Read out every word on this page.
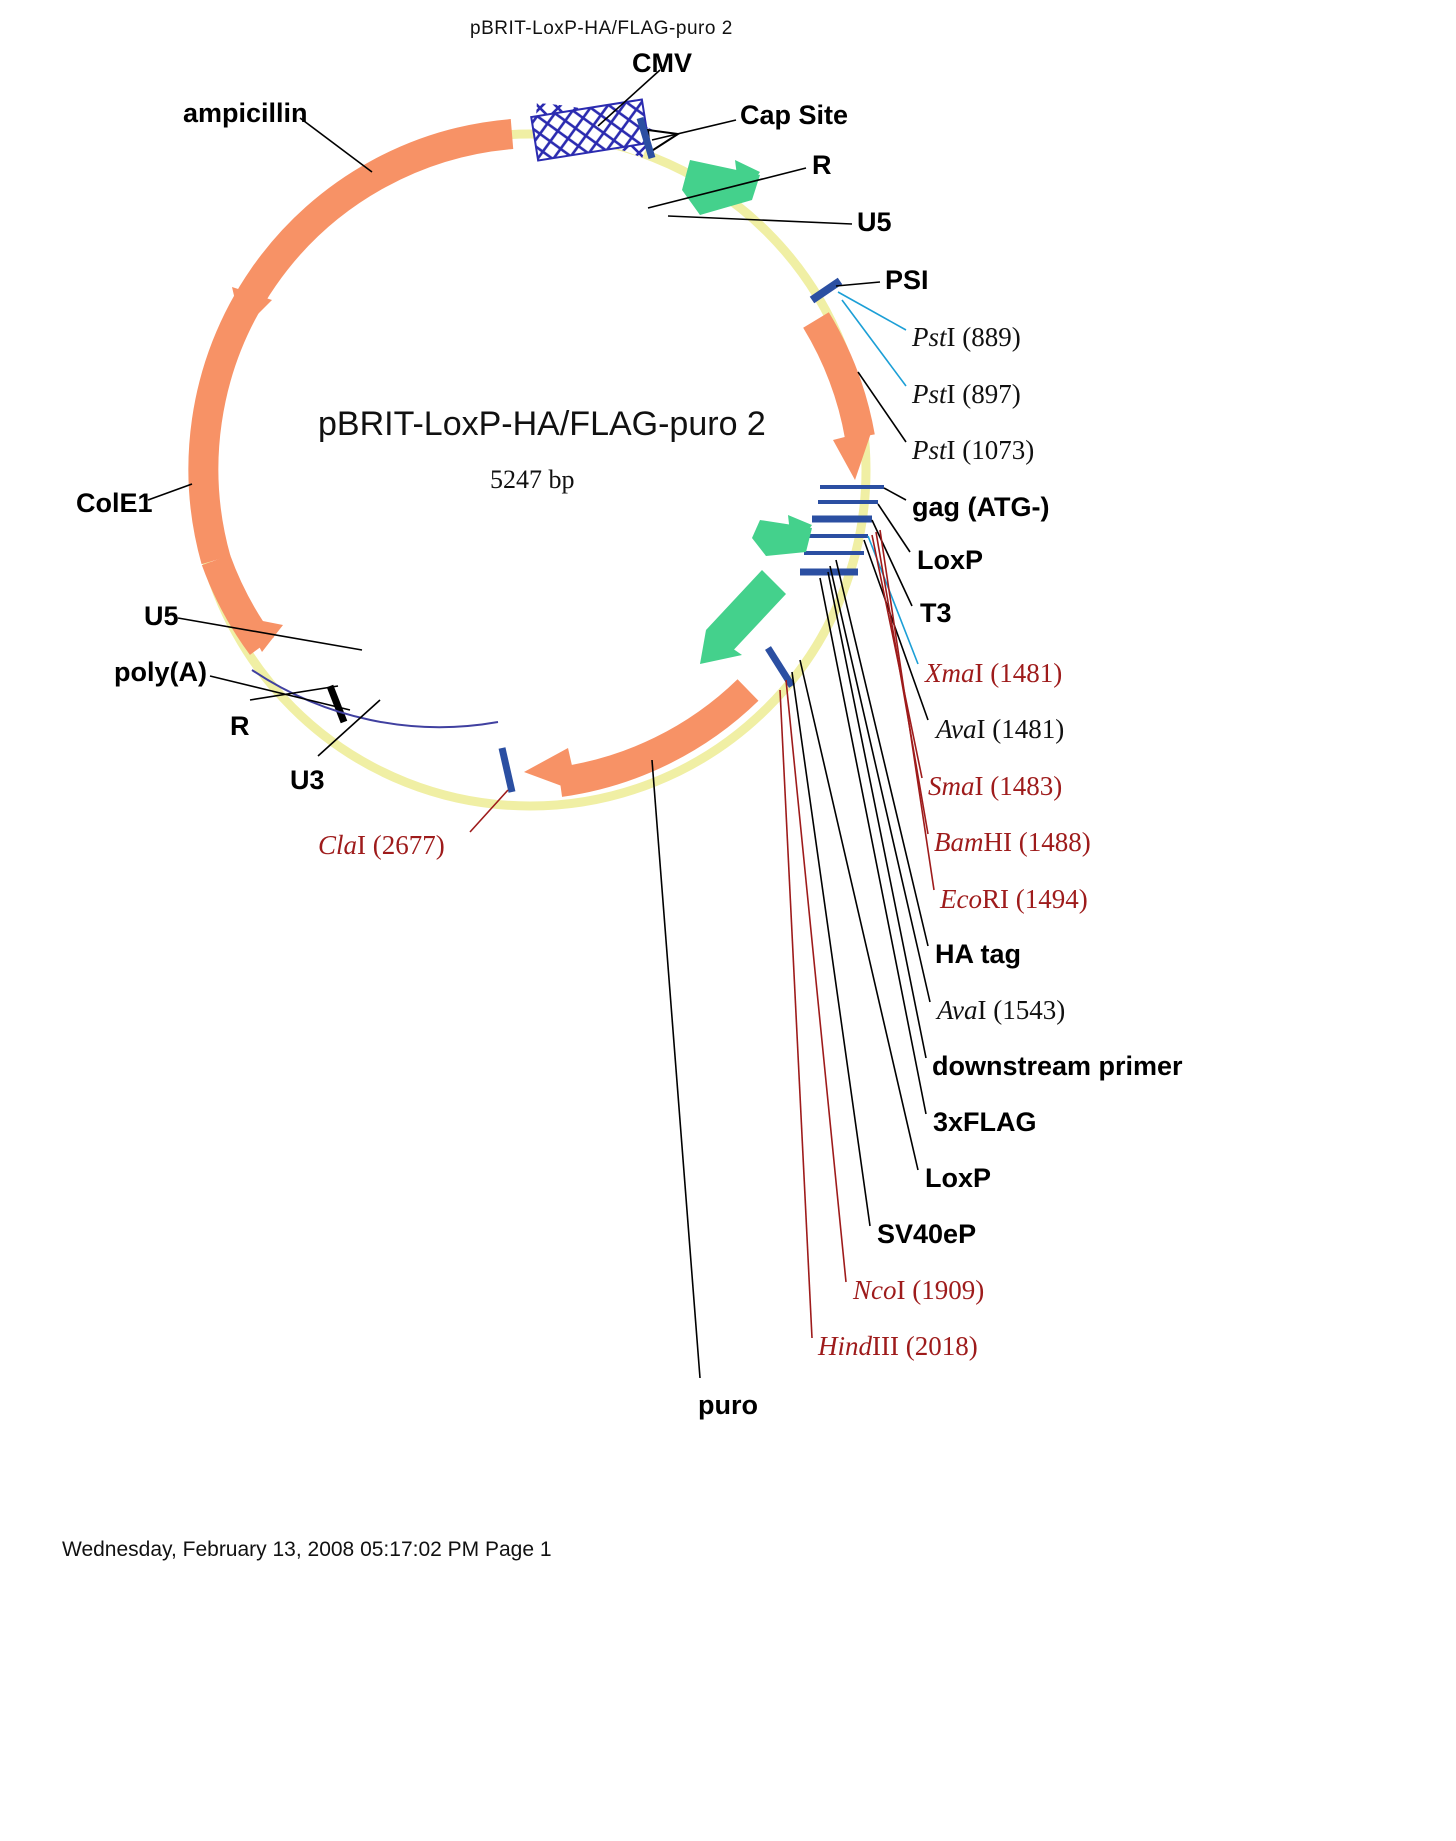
pBRIT-LoxP-HA/FLAG-puro 2
pBRIT-LoxP-HA/FLAG-puro 2
5247 bp
ampicillin
CMV
Cap Site
R
U5
PSI
gag (ATG-)
LoxP
T3
HA tag
downstream primer
3xFLAG
LoxP
SV40eP
puro
ColE1
U5
poly(A)
R
U3
PstI (889)
PstI (897)
PstI (1073)
XmaI (1481)
AvaI (1481)
SmaI (1483)
BamHI (1488)
EcoRI (1494)
AvaI (1543)
NcoI (1909)
HindIII (2018)
ClaI (2677)
Wednesday, February 13, 2008 05:17:02 PM Page 1
